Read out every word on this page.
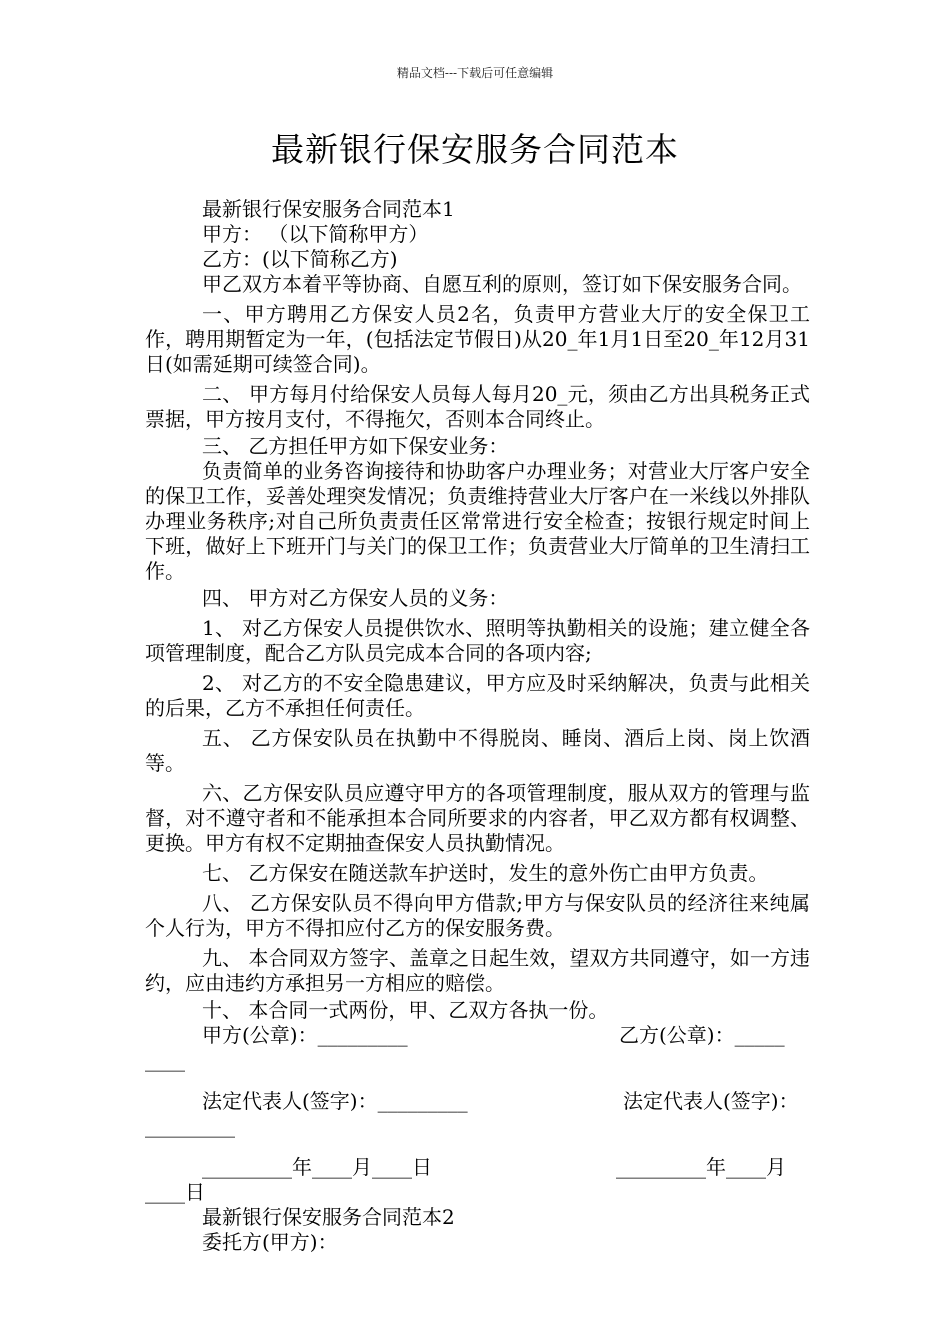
精品文档---下载后可任意编辑
最新银行保安服务合同范本

最新银行保安服务合同范本1

甲方： （以下简称甲方）

乙方：(以下简称乙方)

甲乙双方本着平等协商、自愿互利的原则，签订如下保安服务合同。

一、甲方聘用乙方保安人员2名，负责甲方营业大厅的安全保卫工作，聘用期暂定为一年，(包括法定节假日)从20_年1月1日至20_年12月31日(如需延期可续签合同)。

二、 甲方每月付给保安人员每人每月20_元，须由乙方出具税务正式票据，甲方按月支付，不得拖欠，否则本合同终止。

三、 乙方担任甲方如下保安业务：

负责简单的业务咨询接待和协助客户办理业务；对营业大厅客户安全的保卫工作，妥善处理突发情况；负责维持营业大厅客户在一米线以外排队办理业务秩序;对自己所负责责任区常常进行安全检查；按银行规定时间上下班，做好上下班开门与关门的保卫工作；负责营业大厅简单的卫生清扫工作。

四、 甲方对乙方保安人员的义务：

1、 对乙方保安人员提供饮水、照明等执勤相关的设施；建立健全各项管理制度，配合乙方队员完成本合同的各项内容;

2、 对乙方的不安全隐患建议，甲方应及时采纳解决，负责与此相关的后果，乙方不承担任何责任。

五、 乙方保安队员在执勤中不得脱岗、睡岗、酒后上岗、岗上饮酒等。

六、乙方保安队员应遵守甲方的各项管理制度，服从双方的管理与监督，对不遵守者和不能承担本合同所要求的内容者，甲乙双方都有权调整、更换。甲方有权不定期抽查保安人员执勤情况。

七、 乙方保安在随送款车护送时，发生的意外伤亡由甲方负责。

八、 乙方保安队员不得向甲方借款;甲方与保安队员的经济往来纯属个人行为，甲方不得扣应付乙方的保安服务费。

九、 本合同双方签字、盖章之日起生效，望双方共同遵守，如一方违约，应由违约方承担另一方相应的赔偿。

十、 本合同一式两份，甲、乙双方各执一份。

甲方(公章)：_________	乙方(公章)：_____
____
法定代表人(签字)：_________	法定代表人(签字)：
_________
_________年____月____日	_________年____月
____日

最新银行保安服务合同范本2

委托方(甲方)：
